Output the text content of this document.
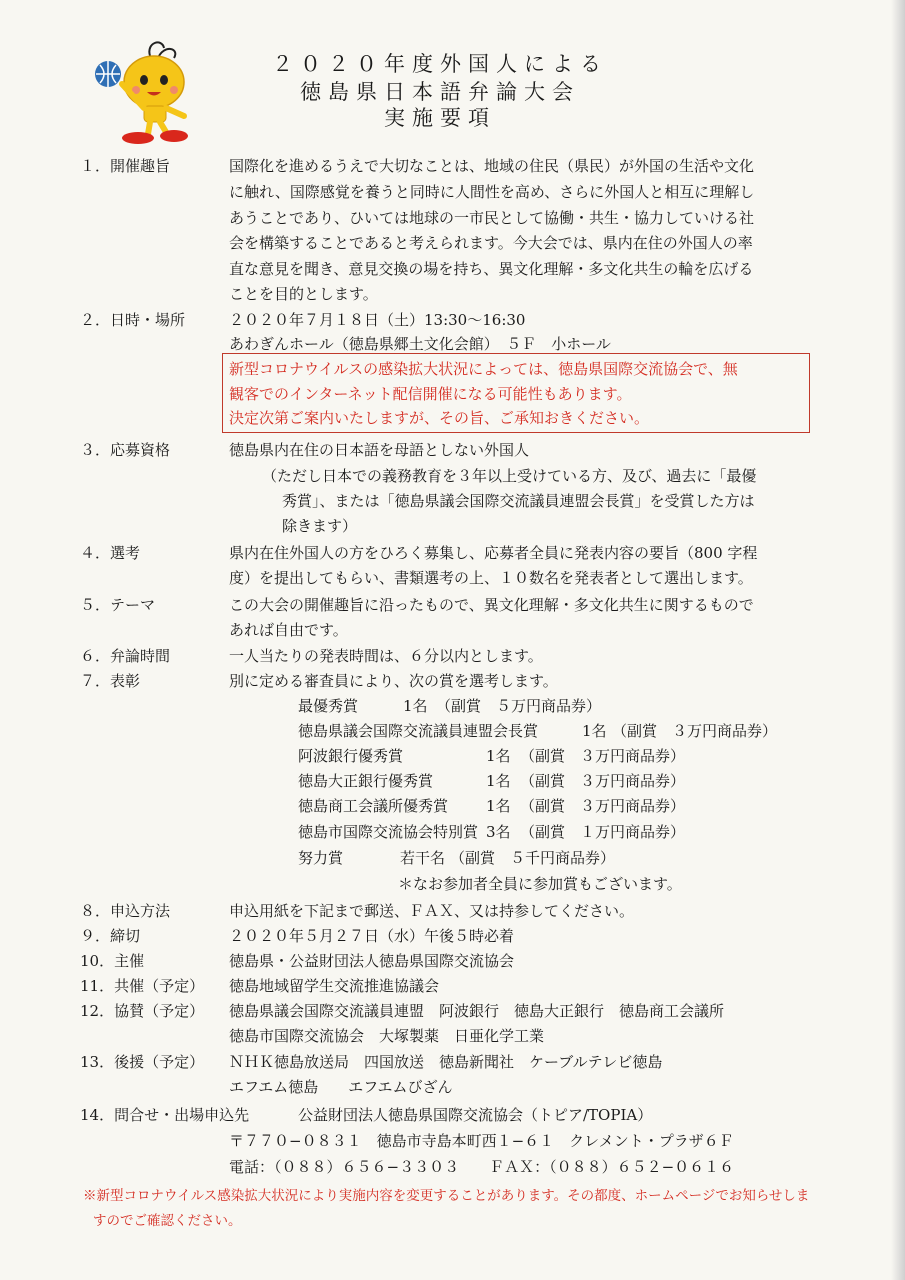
２０２０年度外国人による
徳島県日本語弁論大会
実施要項
１．開催趣旨	国際化を進めるうえで大切なことは、地域の住民（県民）が外国の生活や文化
に触れ、国際感覚を養うと同時に人間性を高め、さらに外国人と相互に理解し
あうことであり、ひいては地球の一市民として協働・共生・協力していける社
会を構築することであると考えられます。今大会では、県内在住の外国人の率
直な意見を聞き、意見交換の場を持ち、異文化理解・多文化共生の輪を広げる
ことを目的とします。
２．日時・場所	２０２０年７月１８日（土）13:30〜16:30
あわぎんホール（徳島県郷土文化会館）　５Ｆ　小ホール
新型コロナウイルスの感染拡大状況によっては、徳島県国際交流協会で、無
観客でのインターネット配信開催になる可能性もあります。
決定次第ご案内いたしますが、その旨、ご承知おきください。
３．応募資格	徳島県内在住の日本語を母語としない外国人
（ただし日本での義務教育を３年以上受けている方、及び、過去に「最優
秀賞」、または「徳島県議会国際交流議員連盟会長賞」を受賞した方は
除きます）
４．選考	県内在住外国人の方をひろく募集し、応募者全員に発表内容の要旨（800 字程
度）を提出してもらい、書類選考の上、１０数名を発表者として選出します。
５．テーマ	この大会の開催趣旨に沿ったもので、異文化理解・多文化共生に関するもので
あれば自由です。
６．弁論時間	一人当たりの発表時間は、６分以内とします。
７．表彰	別に定める審査員により、次の賞を選考します。
最優秀賞	1名 （副賞　５万円商品券）
徳島県議会国際交流議員連盟会長賞	1名 （副賞　３万円商品券）
阿波銀行優秀賞	1名 （副賞　３万円商品券）
徳島大正銀行優秀賞	1名 （副賞　３万円商品券）
徳島商工会議所優秀賞	1名 （副賞　３万円商品券）
徳島市国際交流協会特別賞 3名 （副賞　１万円商品券）
努力賞	若干名 （副賞　５千円商品券）
＊なお参加者全員に参加賞もございます。
８．申込方法	申込用紙を下記まで郵送、ＦＡＸ、又は持参してください。
９．締切	２０２０年５月２７日（水）午後５時必着
10．主催	徳島県・公益財団法人徳島県国際交流協会
11．共催（予定）	徳島地域留学生交流推進協議会
12．協賛（予定）	徳島県議会国際交流議員連盟　阿波銀行　徳島大正銀行　徳島商工会議所
徳島市国際交流協会　大塚製薬　日亜化学工業
13．後援（予定）	ＮＨＫ徳島放送局　四国放送　徳島新聞社　ケーブルテレビ徳島
エフエム徳島　　エフエムびざん
14．問合せ・出場申込先	公益財団法人徳島県国際交流協会（トピア/TOPIA）
〒７７０−０８３１　徳島市寺島本町西１−６１　クレメント・プラザ６Ｆ
電話：（０８８）６５６−３３０３　　ＦＡＸ：（０８８）６５２−０６１６
※新型コロナウイルス感染拡大状況により実施内容を変更することがあります。その都度、ホームページでお知らせしま
すのでご確認ください。
